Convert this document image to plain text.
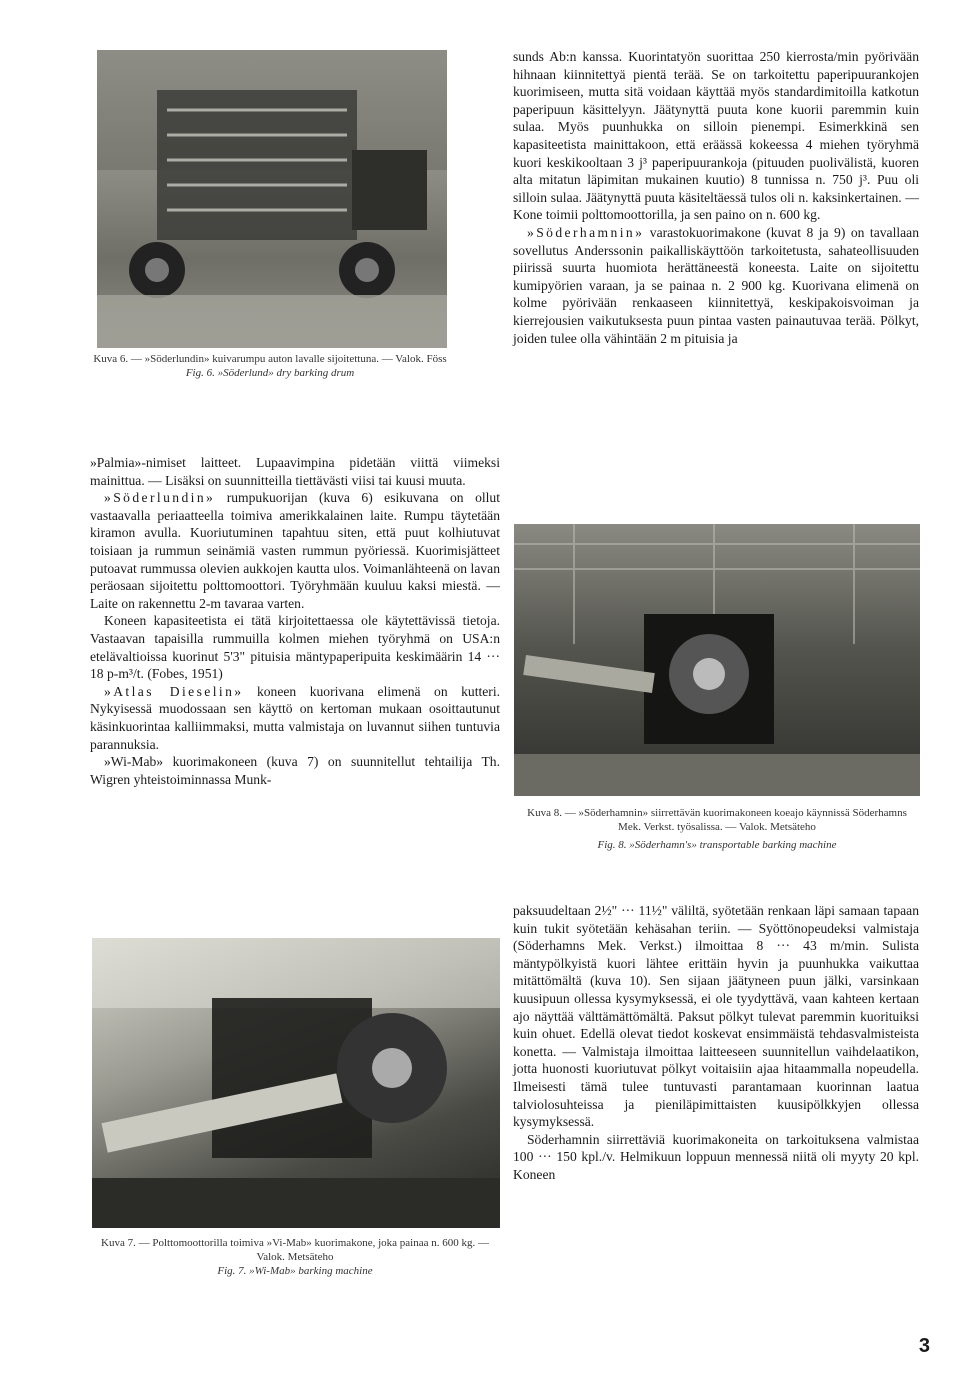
Kuva 6. — »Söderlundin» kuivarumpu auton lavalle sijoitettuna. — Valok. Föss
Fig. 6. »Söderlund» dry barking drum

»Palmia»-nimiset laitteet. Lupaavimpina pidetään viittä viimeksi mainittua. — Lisäksi on suunnitteilla tiettävästi viisi tai kuusi muuta.

»Söderlundin» rumpukuorijan (kuva 6) esikuvana on ollut vastaavalla periaatteella toimiva amerikkalainen laite. Rumpu täytetään kiramon avulla. Kuoriutuminen tapahtuu siten, että puut kolhiutuvat toisiaan ja rummun seinämiä vasten rummun pyöriessä. Kuorimisjätteet putoavat rummussa olevien aukkojen kautta ulos. Voimanlähteenä on lavan peräosaan sijoitettu polttomoottori. Työryhmään kuuluu kaksi miestä. — Laite on rakennettu 2-m tavaraa varten.

Koneen kapasiteetista ei tätä kirjoitettaessa ole käytettävissä tietoja. Vastaavan tapaisilla rummuilla kolmen miehen työryhmä on USA:n etelävaltioissa kuorinut 5'3" pituisia mäntypaperipuita keskimäärin 14 ··· 18 p-m³/t. (Fobes, 1951)

»Atlas Dieselin» koneen kuorivana elimenä on kutteri. Nykyisessä muodossaan sen käyttö on kertoman mukaan osoittautunut käsinkuorintaa kalliimmaksi, mutta valmistaja on luvannut siihen tuntuvia parannuksia.

»Wi-Mab» kuorimakoneen (kuva 7) on suunnitellut tehtailija Th. Wigren yhteistoiminnassa Munk-

Kuva 7. — Polttomoottorilla toimiva »Vi-Mab» kuorimakone, joka painaa n. 600 kg. — Valok. Metsäteho
Fig. 7. »Wi-Mab» barking machine

sunds Ab:n kanssa. Kuorintatyön suorittaa 250 kierrosta/min pyörivään hihnaan kiinnitettyä pientä terää. Se on tarkoitettu paperipuurankojen kuorimiseen, mutta sitä voidaan käyttää myös standardimitoilla katkotun paperipuun käsittelyyn. Jäätynyttä puuta kone kuorii paremmin kuin sulaa. Myös puunhukka on silloin pienempi. Esimerkkinä sen kapasiteetista mainittakoon, että eräässä kokeessa 4 miehen työryhmä kuori keskikooltaan 3 j³ paperipuurankoja (pituuden puolivälistä, kuoren alta mitatun läpimitan mukainen kuutio) 8 tunnissa n. 750 j³. Puu oli silloin sulaa. Jäätynyttä puuta käsiteltäessä tulos oli n. kaksinkertainen. — Kone toimii polttomoottorilla, ja sen paino on n. 600 kg.

»Söderhamnin» varastokuorimakone (kuvat 8 ja 9) on tavallaan sovellutus Anderssonin paikalliskäyttöön tarkoitetusta, sahateollisuuden piirissä suurta huomiota herättäneestä koneesta. Laite on sijoitettu kumipyörien varaan, ja se painaa n. 2 900 kg. Kuorivana elimenä on kolme pyörivään renkaaseen kiinnitettyä, keskipakoisvoiman ja kierrejousien vaikutuksesta puun pintaa vasten painautuvaa terää. Pölkyt, joiden tulee olla vähintään 2 m pituisia ja

Kuva 8. — »Söderhamnin» siirrettävän kuorimakoneen koeajo käynnissä Söderhamns Mek. Verkst. työsalissa. — Valok. Metsäteho
Fig. 8. »Söderhamn's» transportable barking machine

paksuudeltaan 2½" ··· 11½" väliltä, syötetään renkaan läpi samaan tapaan kuin tukit syötetään kehäsahan teriin. — Syöttönopeudeksi valmistaja (Söderhamns Mek. Verkst.) ilmoittaa 8 ··· 43 m/min. Sulista mäntypölkyistä kuori lähtee erittäin hyvin ja puunhukka vaikuttaa mitättömältä (kuva 10). Sen sijaan jäätyneen puun jälki, varsinkaan kuusipuun ollessa kysymyksessä, ei ole tyydyttävä, vaan kahteen kertaan ajo näyttää välttämättömältä. Paksut pölkyt tulevat paremmin kuorituiksi kuin ohuet. Edellä olevat tiedot koskevat ensimmäistä tehdasvalmisteista konetta. — Valmistaja ilmoittaa laitteeseen suunnitellun vaihdelaatikon, jotta huonosti kuoriutuvat pölkyt voitaisiin ajaa hitaammalla nopeudella. Ilmeisesti tämä tulee tuntuvasti parantamaan kuorinnan laatua talviolosuhteissa ja pieniläpimittaisten kuusipölkkyjen ollessa kysymyksessä.

Söderhamnin siirrettäviä kuorimakoneita on tarkoituksena valmistaa 100 ··· 150 kpl./v. Helmikuun loppuun mennessä niitä oli myyty 20 kpl. Koneen

3
